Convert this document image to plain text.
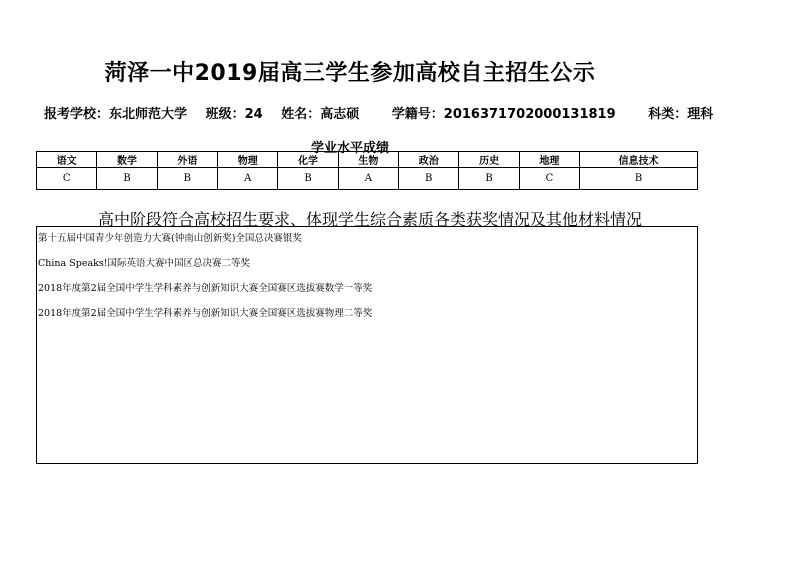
菏泽一中2019届高三学生参加高校自主招生公示
报考学校：东北师范大学 班级：24 姓名：高志硕	学籍号：2016371702000131819	科类：理科
学业水平成绩
语文	数学	外语	物理	化学	生物	政治	历史	地理	信息技术
C	B	B	A	B	A	B	B	C	B
高中阶段符合高校招生要求、体现学生综合素质各类获奖情况及其他材料情况
第十五届中国青少年创造力大赛(钟南山创新奖)全国总决赛银奖
China Speaks!国际英语大赛中国区总决赛二等奖
2018年度第2届全国中学生学科素养与创新知识大赛全国赛区选拔赛数学一等奖
2018年度第2届全国中学生学科素养与创新知识大赛全国赛区选拔赛物理二等奖
